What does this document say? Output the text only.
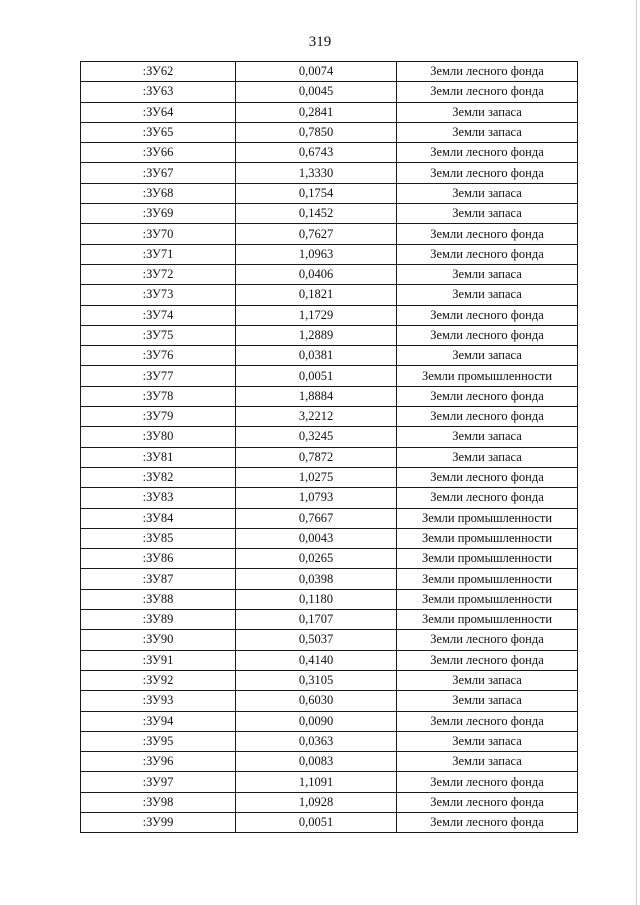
319
:ЗУ62	0,0074	Земли лесного фонда
:ЗУ63	0,0045	Земли лесного фонда
:ЗУ64	0,2841	Земли запаса
:ЗУ65	0,7850	Земли запаса
:ЗУ66	0,6743	Земли лесного фонда
:ЗУ67	1,3330	Земли лесного фонда
:ЗУ68	0,1754	Земли запаса
:ЗУ69	0,1452	Земли запаса
:ЗУ70	0,7627	Земли лесного фонда
:ЗУ71	1,0963	Земли лесного фонда
:ЗУ72	0,0406	Земли запаса
:ЗУ73	0,1821	Земли запаса
:ЗУ74	1,1729	Земли лесного фонда
:ЗУ75	1,2889	Земли лесного фонда
:ЗУ76	0,0381	Земли запаса
:ЗУ77	0,0051	Земли промышленности
:ЗУ78	1,8884	Земли лесного фонда
:ЗУ79	3,2212	Земли лесного фонда
:ЗУ80	0,3245	Земли запаса
:ЗУ81	0,7872	Земли запаса
:ЗУ82	1,0275	Земли лесного фонда
:ЗУ83	1,0793	Земли лесного фонда
:ЗУ84	0,7667	Земли промышленности
:ЗУ85	0,0043	Земли промышленности
:ЗУ86	0,0265	Земли промышленности
:ЗУ87	0,0398	Земли промышленности
:ЗУ88	0,1180	Земли промышленности
:ЗУ89	0,1707	Земли промышленности
:ЗУ90	0,5037	Земли лесного фонда
:ЗУ91	0,4140	Земли лесного фонда
:ЗУ92	0,3105	Земли запаса
:ЗУ93	0,6030	Земли запаса
:ЗУ94	0,0090	Земли лесного фонда
:ЗУ95	0,0363	Земли запаса
:ЗУ96	0,0083	Земли запаса
:ЗУ97	1,1091	Земли лесного фонда
:ЗУ98	1,0928	Земли лесного фонда
:ЗУ99	0,0051	Земли лесного фонда
